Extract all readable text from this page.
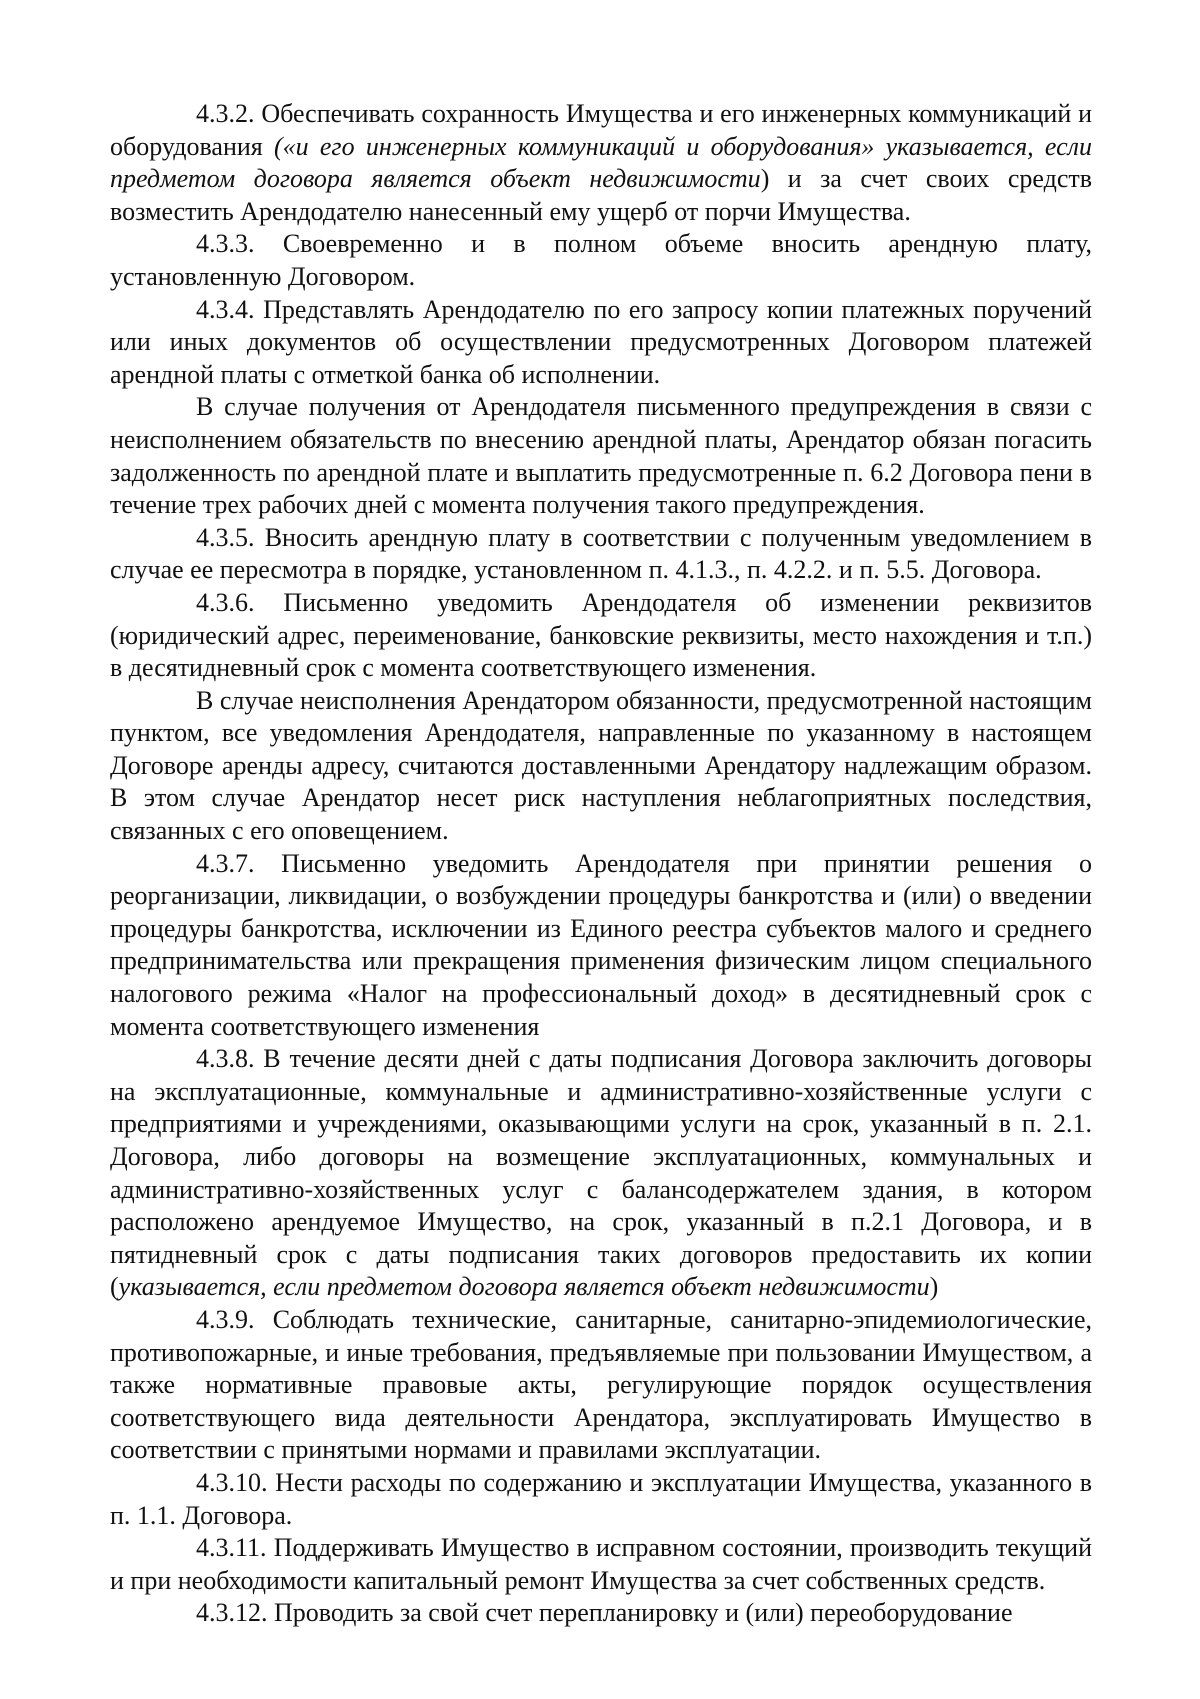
4.3.2. Обеспечивать сохранность Имущества и его инженерных коммуникаций и оборудования («и его инженерных коммуникаций и оборудования» указывается, если предметом договора является объект недвижимости) и за счет своих средств возместить Арендодателю нанесенный ему ущерб от порчи Имущества.

4.3.3. Своевременно и в полном объеме вносить арендную плату, установленную Договором.

4.3.4. Представлять Арендодателю по его запросу копии платежных поручений или иных документов об осуществлении предусмотренных Договором платежей арендной платы с отметкой банка об исполнении.

В случае получения от Арендодателя письменного предупреждения в связи с неисполнением обязательств по внесению арендной платы, Арендатор обязан погасить задолженность по арендной плате и выплатить предусмотренные п. 6.2 Договора пени в течение трех рабочих дней с момента получения такого предупреждения.

4.3.5. Вносить арендную плату в соответствии с полученным уведомлением в случае ее пересмотра в порядке, установленном п. 4.1.3., п. 4.2.2. и п. 5.5. Договора.

4.3.6. Письменно уведомить Арендодателя об изменении реквизитов (юридический адрес, переименование, банковские реквизиты, место нахождения и т.п.) в десятидневный срок с момента соответствующего изменения.

В случае неисполнения Арендатором обязанности, предусмотренной настоящим пунктом, все уведомления Арендодателя, направленные по указанному в настоящем Договоре аренды адресу, считаются доставленными Арендатору надлежащим образом. В этом случае Арендатор несет риск наступления неблагоприятных последствия, связанных с его оповещением.

4.3.7. Письменно уведомить Арендодателя при принятии решения о реорганизации, ликвидации, о возбуждении процедуры банкротства и (или) о введении процедуры банкротства, исключении из Единого реестра субъектов малого и среднего предпринимательства или прекращения применения физическим лицом специального налогового режима «Налог на профессиональный доход» в десятидневный срок с момента соответствующего изменения

4.3.8. В течение десяти дней с даты подписания Договора заключить договоры на эксплуатационные, коммунальные и административно-хозяйственные услуги с предприятиями и учреждениями, оказывающими услуги на срок, указанный в п. 2.1. Договора, либо договоры на возмещение эксплуатационных, коммунальных и административно-хозяйственных услуг с балансодержателем здания, в котором расположено арендуемое Имущество, на срок, указанный в п.2.1 Договора, и в пятидневный срок с даты подписания таких договоров предоставить их копии (указывается, если предметом договора является объект недвижимости)

4.3.9. Соблюдать технические, санитарные, санитарно-эпидемиологические, противопожарные, и иные требования, предъявляемые при пользовании Имуществом, а также нормативные правовые акты, регулирующие порядок осуществления соответствующего вида деятельности Арендатора, эксплуатировать Имущество в соответствии с принятыми нормами и правилами эксплуатации.

4.3.10. Нести расходы по содержанию и эксплуатации Имущества, указанного в п. 1.1. Договора.

4.3.11. Поддерживать Имущество в исправном состоянии, производить текущий и при необходимости капитальный ремонт Имущества за счет собственных средств.

4.3.12. Проводить за свой счет перепланировку и (или) переоборудование
